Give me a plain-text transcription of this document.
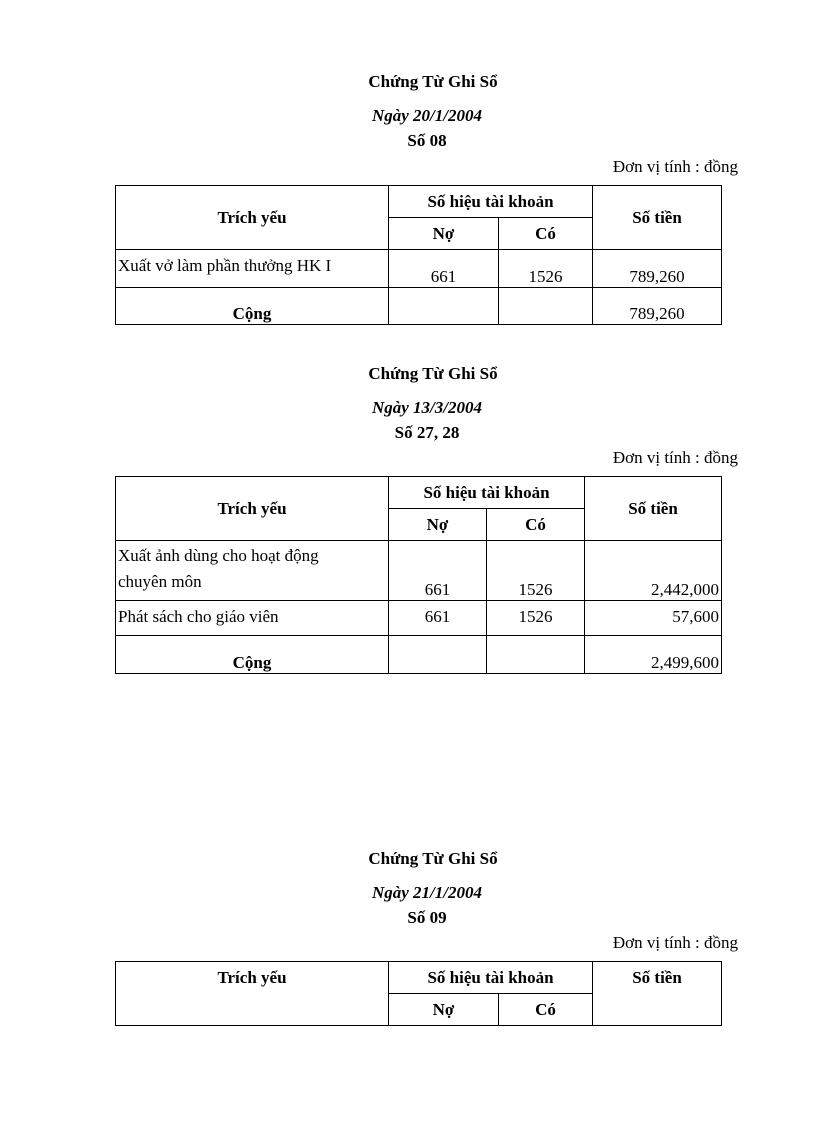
Chứng Từ Ghi Sổ
Ngày 20/1/2004
Số 08
Đơn vị tính : đồng
Trích yếu	Số hiệu tài khoản		Số tiền
	Nợ	Có	
Xuất vở làm phần thưởng HK I	661	1526	789,260
Cộng			789,260
Chứng Từ Ghi Sổ
Ngày 13/3/2004
Số 27, 28
Đơn vị tính : đồng
Trích yếu	Số hiệu tài khoản		Số tiền
	Nợ	Có	

Xuất ảnh dùng cho hoạt động
chuyên môn	661	1526	2,442,000
Phát sách cho giáo viên	661	1526	57,600
Cộng			2,499,600
Chứng Từ Ghi Sổ
Ngày 21/1/2004
Số 09
Đơn vị tính : đồng
Trích yếu	Số hiệu tài khoản		Số tiền
	Nợ	Có	
